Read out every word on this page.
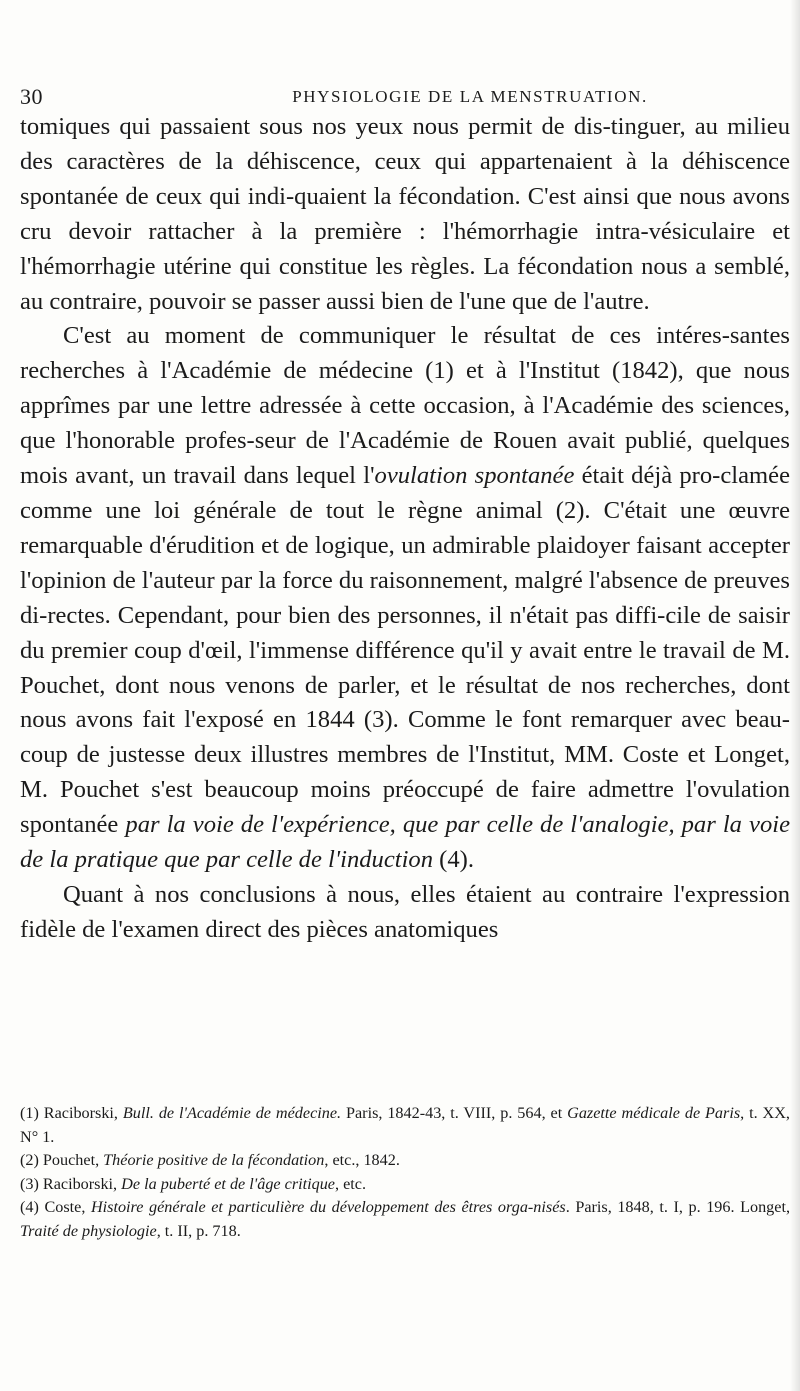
30	PHYSIOLOGIE DE LA MENSTRUATION.

tomiques qui passaient sous nos yeux nous permit de dis-tinguer, au milieu des caractères de la déhiscence, ceux qui appartenaient à la déhiscence spontanée de ceux qui indi-quaient la fécondation. C'est ainsi que nous avons cru devoir rattacher à la première : l'hémorrhagie intra-vésiculaire et l'hémorrhagie utérine qui constitue les règles. La fécondation nous a semblé, au contraire, pouvoir se passer aussi bien de l'une que de l'autre.

C'est au moment de communiquer le résultat de ces intéres-santes recherches à l'Académie de médecine (1) et à l'Institut (1842), que nous apprîmes par une lettre adressée à cette occasion, à l'Académie des sciences, que l'honorable profes-seur de l'Académie de Rouen avait publié, quelques mois avant, un travail dans lequel l'ovulation spontanée était déjà pro-clamée comme une loi générale de tout le règne animal (2). C'était une œuvre remarquable d'érudition et de logique, un admirable plaidoyer faisant accepter l'opinion de l'auteur par la force du raisonnement, malgré l'absence de preuves di-rectes. Cependant, pour bien des personnes, il n'était pas diffi-cile de saisir du premier coup d'œil, l'immense différence qu'il y avait entre le travail de M. Pouchet, dont nous venons de parler, et le résultat de nos recherches, dont nous avons fait l'exposé en 1844 (3). Comme le font remarquer avec beau-coup de justesse deux illustres membres de l'Institut, MM. Coste et Longet, M. Pouchet s'est beaucoup moins préoccupé de faire admettre l'ovulation spontanée par la voie de l'expérience, que par celle de l'analogie, par la voie de la pratique que par celle de l'induction (4).

Quant à nos conclusions à nous, elles étaient au contraire l'expression fidèle de l'examen direct des pièces anatomiques

(1) Raciborski, Bull. de l'Académie de médecine. Paris, 1842-43, t. VIII, p. 564, et Gazette médicale de Paris, t. XX, N° 1.

(2) Pouchet, Théorie positive de la fécondation, etc., 1842.

(3) Raciborski, De la puberté et de l'âge critique, etc.

(4) Coste, Histoire générale et particulière du développement des êtres orga-nisés. Paris, 1848, t. I, p. 196. Longet, Traité de physiologie, t. II, p. 718.
